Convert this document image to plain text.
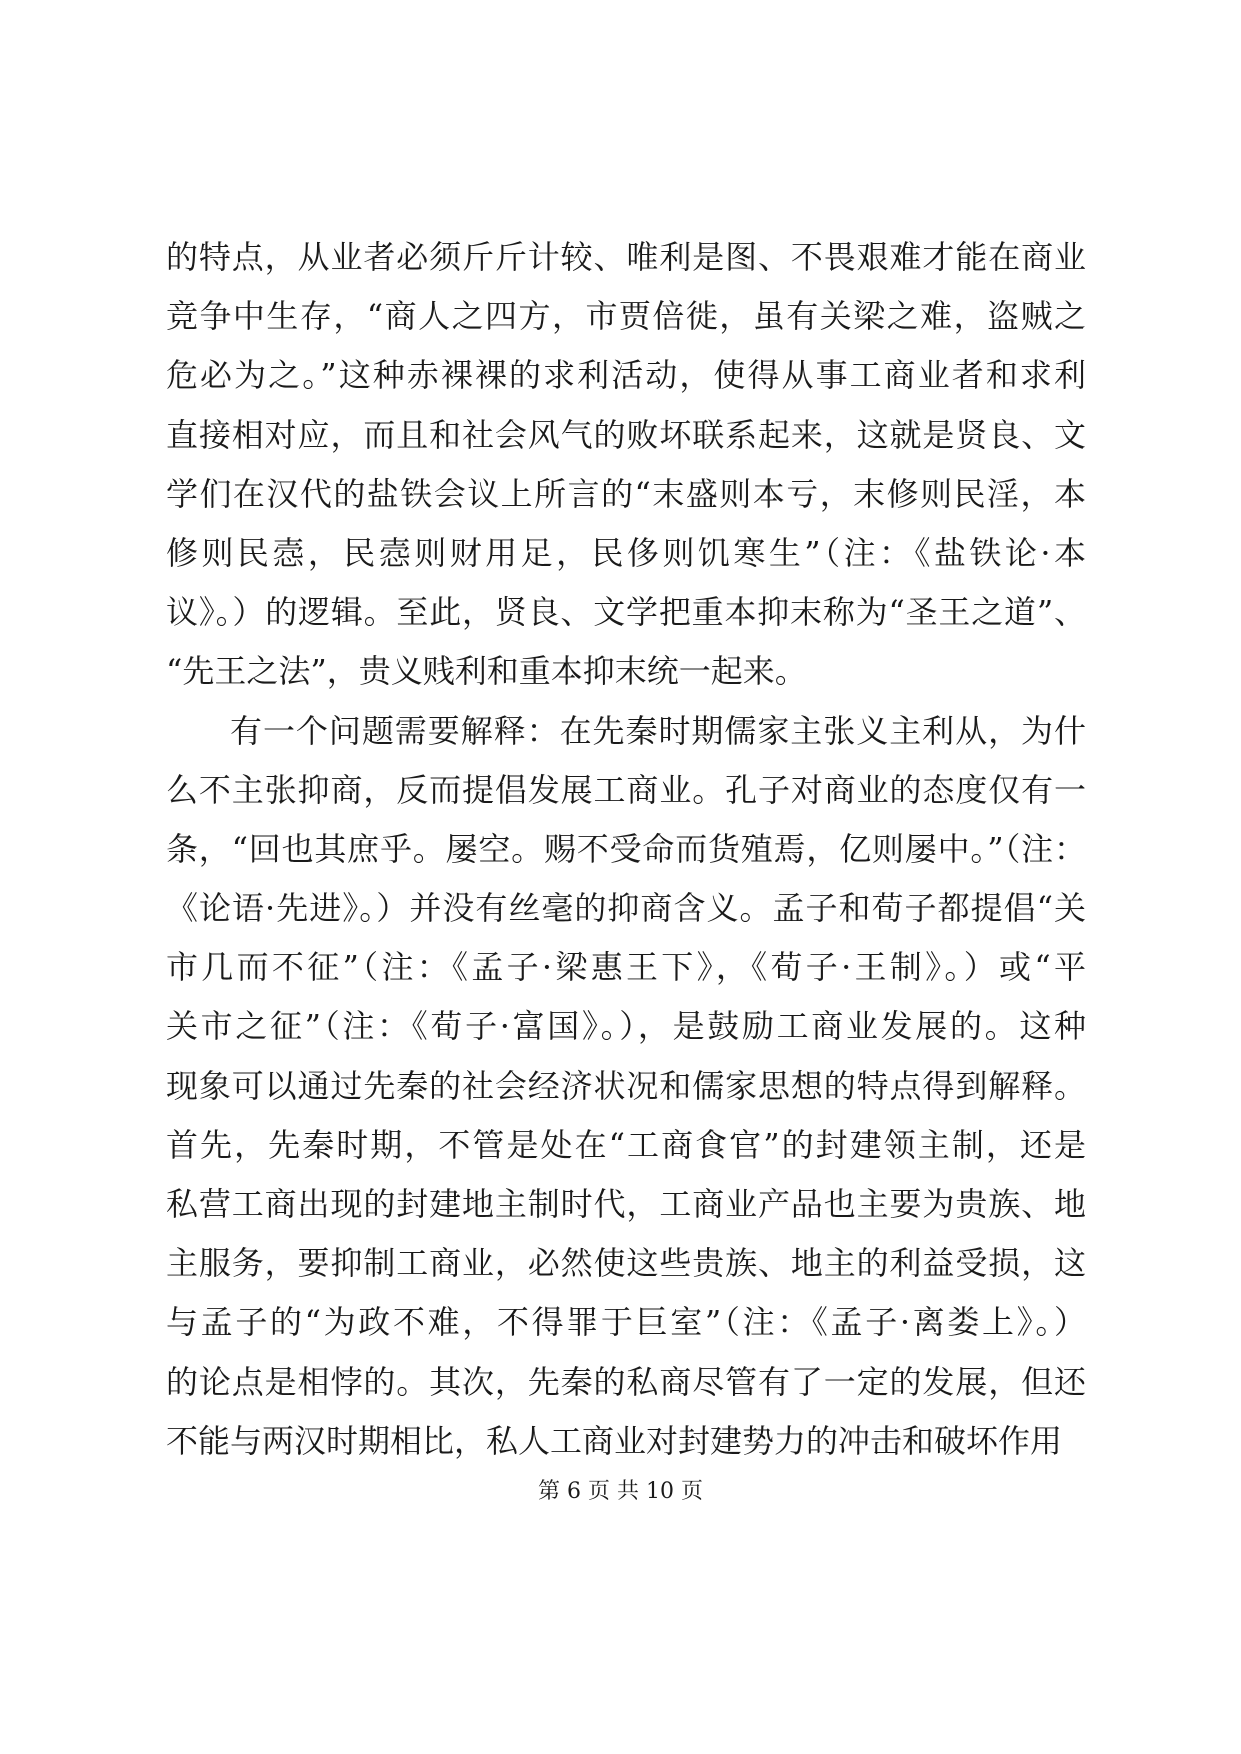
的特点，从业者必须斤斤计较、唯利是图、不畏艰难才能在商业
竞争中生存，“商人之四方，市贾倍徙，虽有关梁之难，盗贼之
危必为之。”这种赤裸裸的求利活动，使得从事工商业者和求利
直接相对应，而且和社会风气的败坏联系起来，这就是贤良、文
学们在汉代的盐铁会议上所言的“末盛则本亏，末修则民淫，本
修则民悫，民悫则财用足，民侈则饥寒生”（注：《盐铁论·本
议》。）的逻辑。至此，贤良、文学把重本抑末称为“圣王之道”、
“先王之法”，贵义贱利和重本抑末统一起来。
有一个问题需要解释：在先秦时期儒家主张义主利从，为什
么不主张抑商，反而提倡发展工商业。孔子对商业的态度仅有一
条，“回也其庶乎。屡空。赐不受命而货殖焉，亿则屡中。”（注：
《论语·先进》。）并没有丝毫的抑商含义。孟子和荀子都提倡“关
市几而不征”（注：《孟子·梁惠王下》，《荀子·王制》。）或“平
关市之征”（注：《荀子·富国》。），是鼓励工商业发展的。这种
现象可以通过先秦的社会经济状况和儒家思想的特点得到解释。
首先，先秦时期，不管是处在“工商食官”的封建领主制，还是
私营工商出现的封建地主制时代，工商业产品也主要为贵族、地
主服务，要抑制工商业，必然使这些贵族、地主的利益受损，这
与孟子的“为政不难，不得罪于巨室”（注：《孟子·离娄上》。）
的论点是相悖的。其次，先秦的私商尽管有了一定的发展，但还
不能与两汉时期相比，私人工商业对封建势力的冲击和破坏作用
第 6 页 共 10 页
